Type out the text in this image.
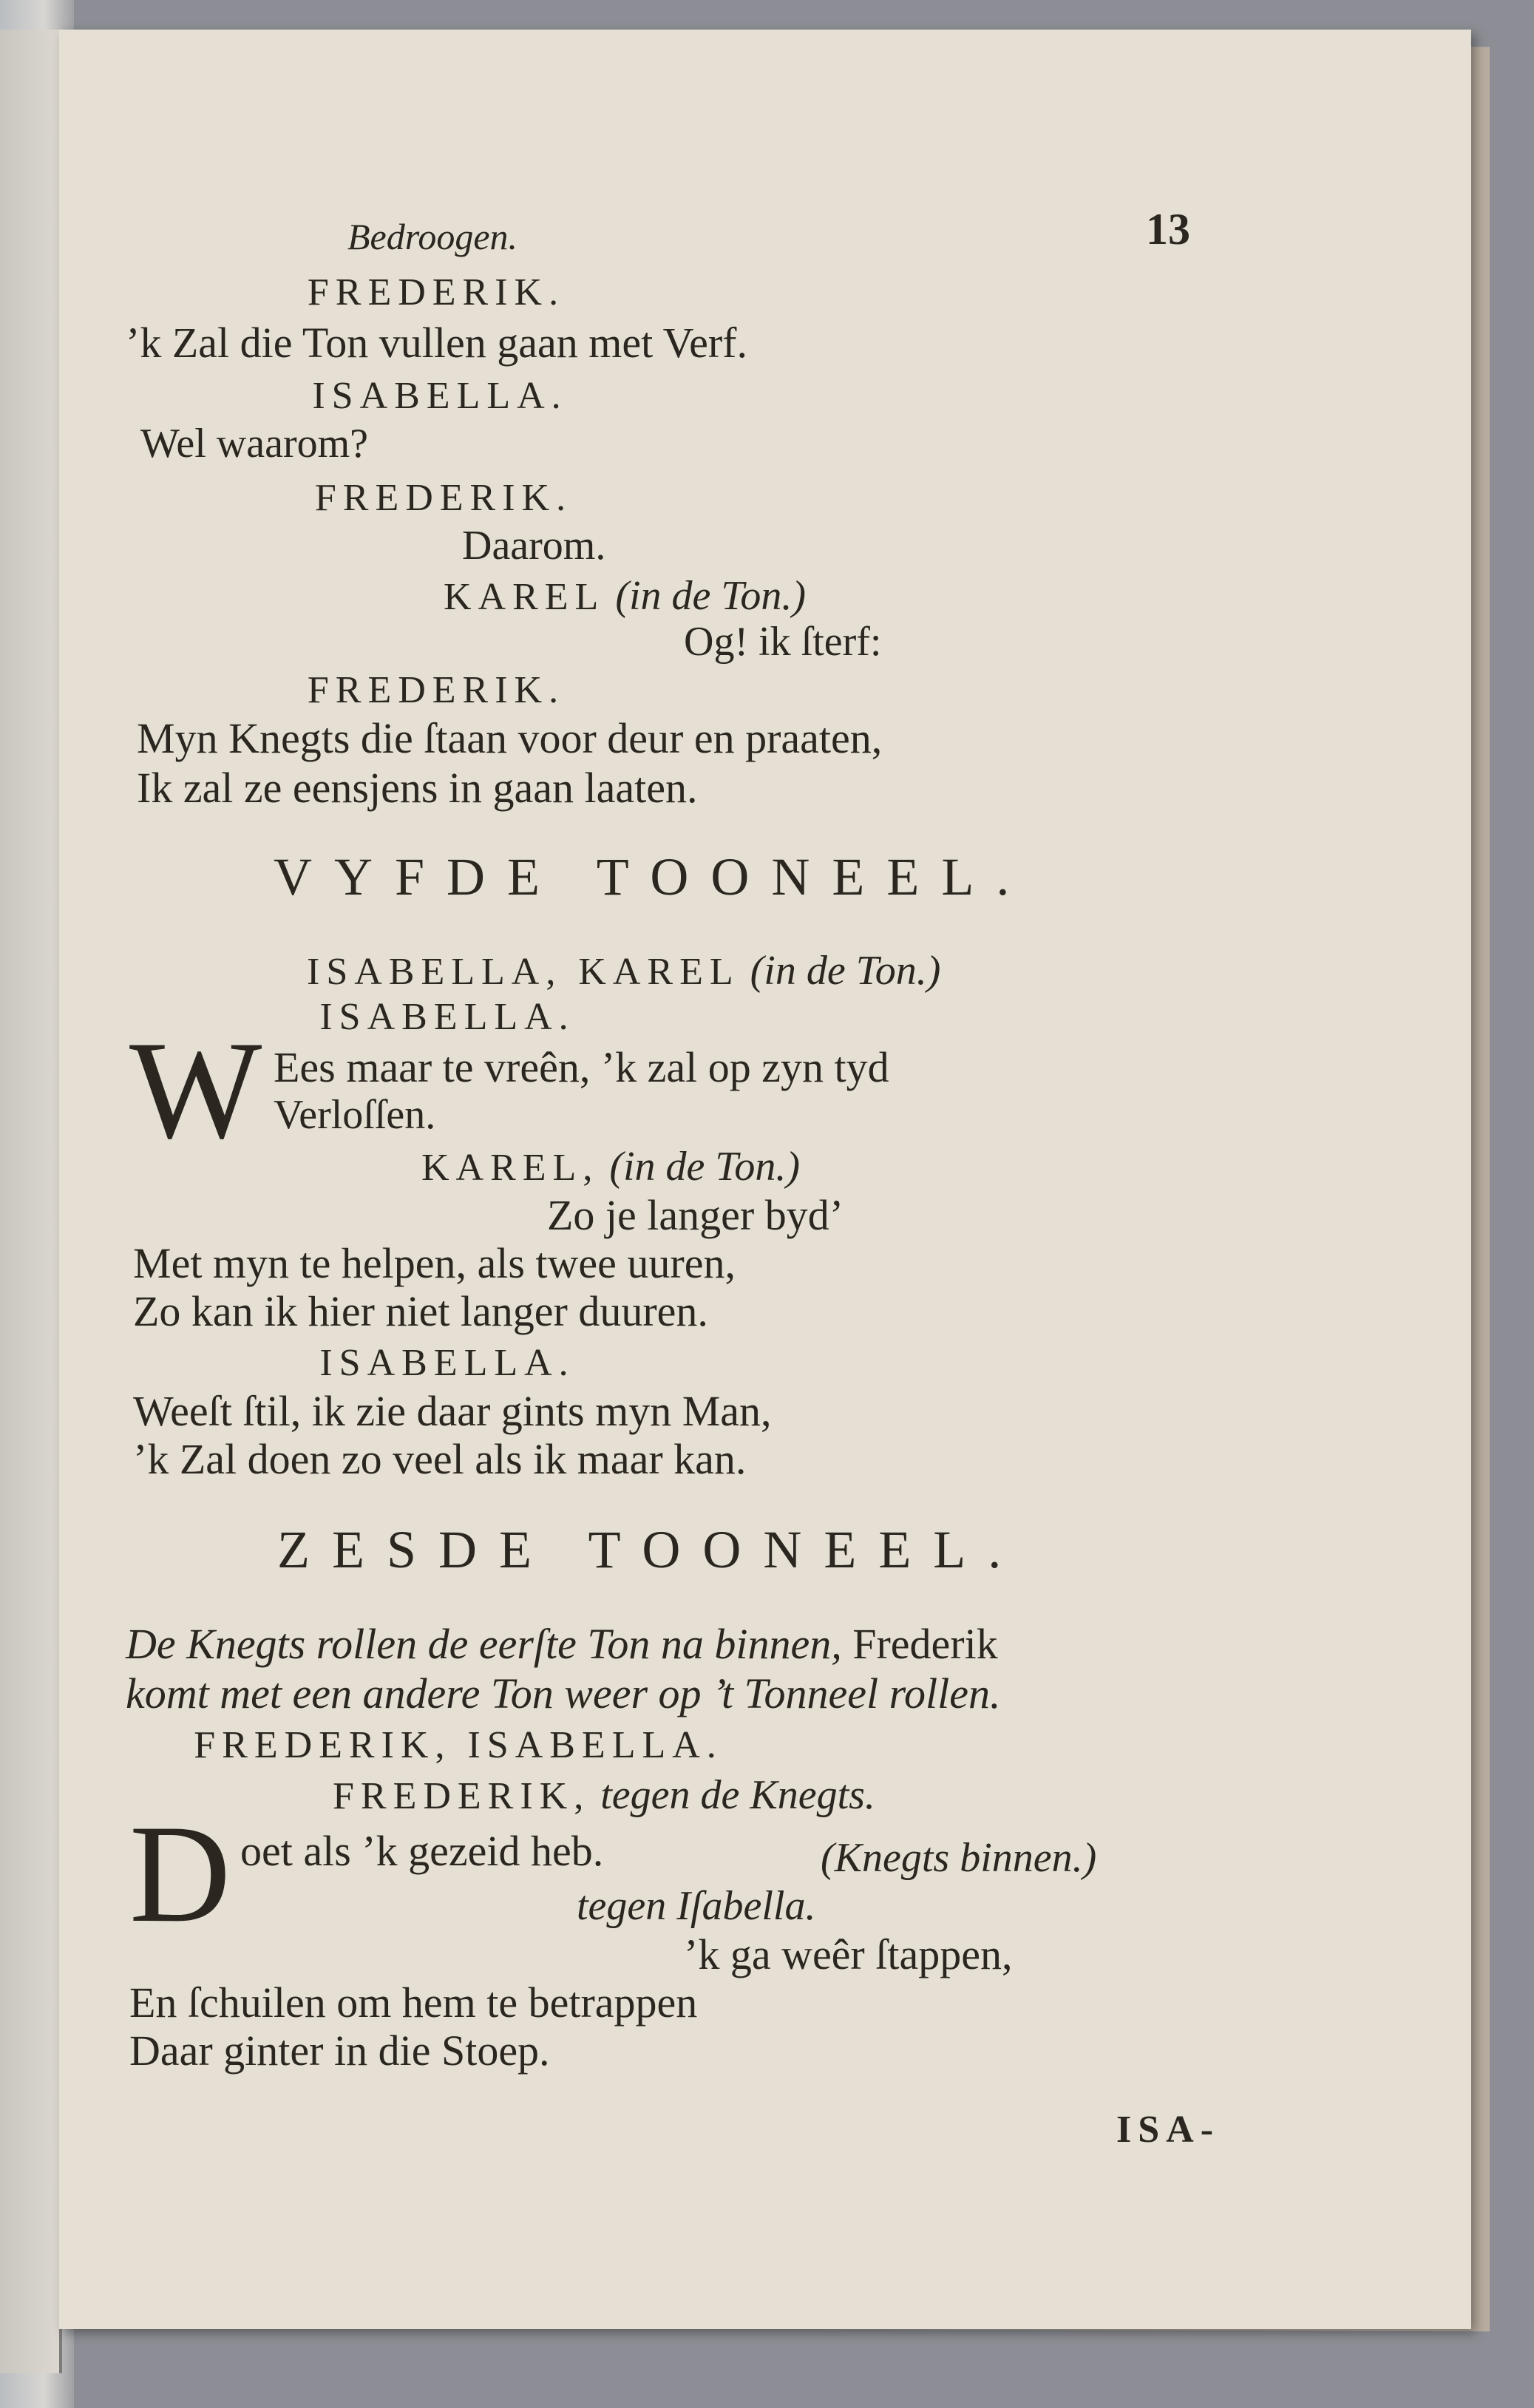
Bedroogen.	13
FREDERIK.
’k Zal die Ton vullen gaan met Verf.
ISABELLA.
Wel waarom?
FREDERIK.
Daarom.
KAREL (in de Ton.)
Og! ik ſterf:
FREDERIK.
Myn Knegts die ſtaan voor deur en praaten,
Ik zal ze eensjens in gaan laaten.
VYFDE TOONEEL.
ISABELLA, KAREL (in de Ton.)
ISABELLA.
W Ees maar te vreên, ’k zal op zyn tyd
Verloſſen.
KAREL, (in de Ton.)
Zo je langer byd’
Met myn te helpen, als twee uuren,
Zo kan ik hier niet langer duuren.
ISABELLA.
Weeſt ſtil, ik zie daar gints myn Man,
’k Zal doen zo veel als ik maar kan.
ZESDE TOONEEL.
De Knegts rollen de eerſte Ton na binnen, Frederik
komt met een andere Ton weer op ’t Tonneel rollen.
FREDERIK, ISABELLA.
FREDERIK, tegen de Knegts.
D oet als ’k gezeid heb.	(Knegts binnen.)
tegen Iſabella.
’k ga weêr ſtappen,
En ſchuilen om hem te betrappen
Daar ginter in die Stoep.
ISA-
